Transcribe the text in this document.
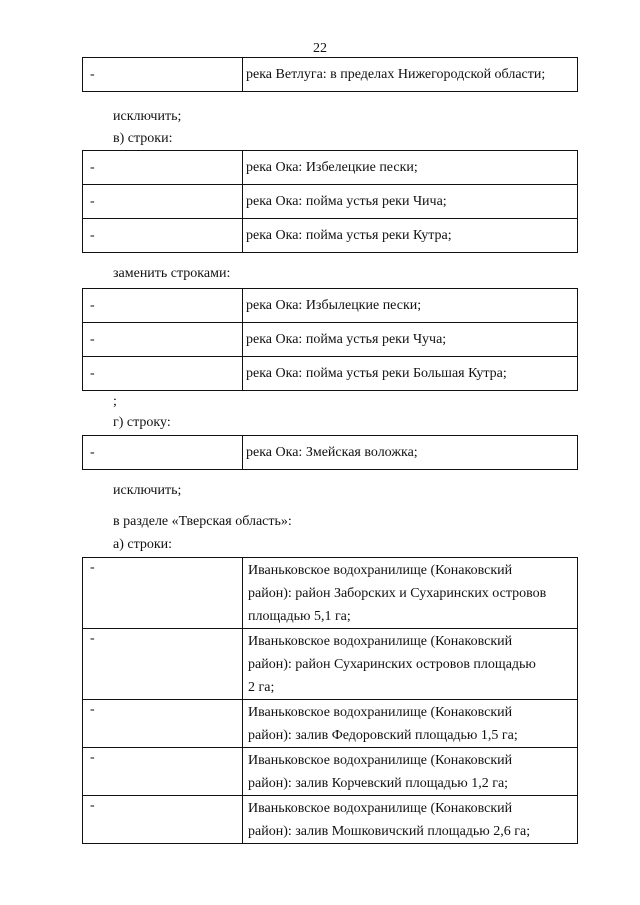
22
-	река Ветлуга: в пределах Нижегородской области;
исключить;
в) строки:
-	река Ока: Избелецкие пески;
-	река Ока: пойма устья реки Чича;
-	река Ока: пойма устья реки Кутра;
заменить строками:
-	река Ока: Избылецкие пески;
-	река Ока: пойма устья реки Чуча;
-	река Ока: пойма устья реки Большая Кутра;
;
г) строку:
-	река Ока: Змейская воложка;
исключить;
в разделе «Тверская область»:
а) строки:
-	Иваньковское водохранилище (Конаковский
район): район Заборских и Сухаринских островов
площадью 5,1 га;

-	Иваньковское водохранилище (Конаковский
район): район Сухаринских островов площадью
2 га;

-	Иваньковское водохранилище (Конаковский
район): залив Федоровский площадью 1,5 га;

-	Иваньковское водохранилище (Конаковский
район): залив Корчевский площадью 1,2 га;

-	Иваньковское водохранилище (Конаковский
район): залив Мошковичский площадью 2,6 га;
